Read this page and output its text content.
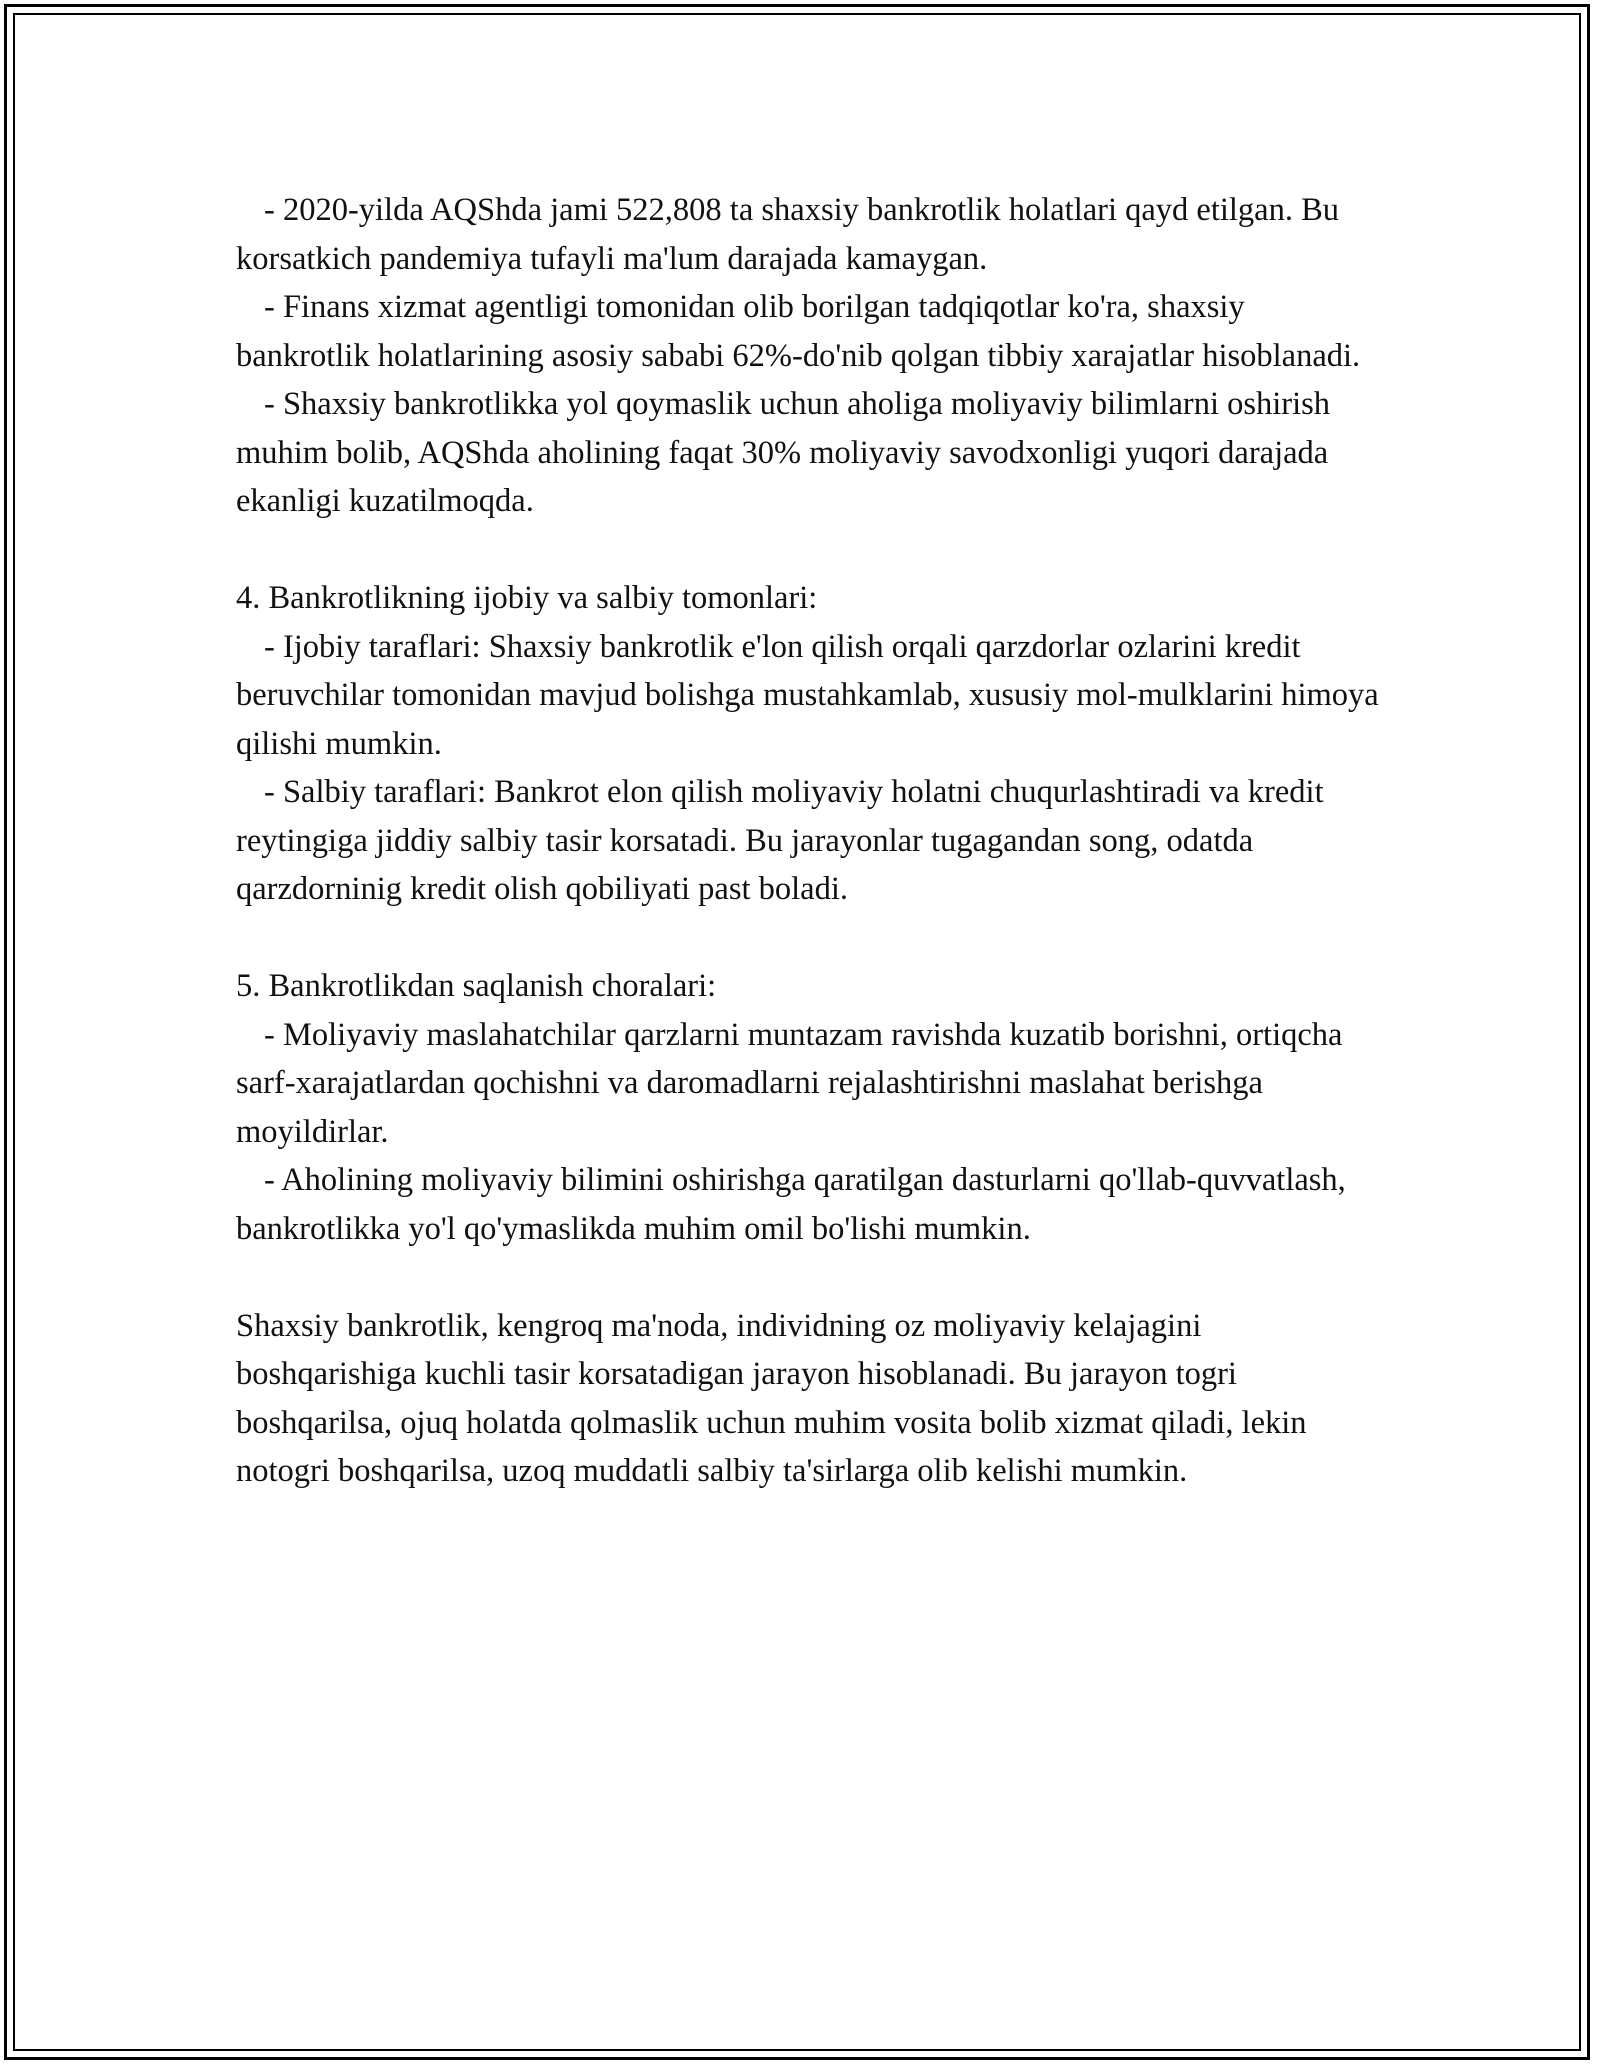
- 2020-yilda AQShda jami 522,808 ta shaxsiy bankrotlik holatlari qayd etilgan. Bu korsatkich pandemiya tufayli ma'lum darajada kamaygan.

- Finans xizmat agentligi tomonidan olib borilgan tadqiqotlar ko'ra, shaxsiy bankrotlik holatlarining asosiy sababi 62%-do'nib qolgan tibbiy xarajatlar hisoblanadi.

- Shaxsiy bankrotlikka yol qoymaslik uchun aholiga moliyaviy bilimlarni oshirish muhim bolib, AQShda aholining faqat 30% moliyaviy savodxonligi yuqori darajada ekanligi kuzatilmoqda.

4. Bankrotlikning ijobiy va salbiy tomonlari:

- Ijobiy taraflari: Shaxsiy bankrotlik e'lon qilish orqali qarzdorlar ozlarini kredit beruvchilar tomonidan mavjud bolishga mustahkamlab, xususiy mol-mulklarini himoya qilishi mumkin.

- Salbiy taraflari: Bankrot elon qilish moliyaviy holatni chuqurlashtiradi va kredit reytingiga jiddiy salbiy tasir korsatadi. Bu jarayonlar tugagandan song, odatda qarzdorninig kredit olish qobiliyati past boladi.

5. Bankrotlikdan saqlanish choralari:

- Moliyaviy maslahatchilar qarzlarni muntazam ravishda kuzatib borishni, ortiqcha sarf-xarajatlardan qochishni va daromadlarni rejalashtirishni maslahat berishga moyildirlar.

- Aholining moliyaviy bilimini oshirishga qaratilgan dasturlarni qo'llab-quvvatlash, bankrotlikka yo'l qo'ymaslikda muhim omil bo'lishi mumkin.

Shaxsiy bankrotlik, kengroq ma'noda, individning oz moliyaviy kelajagini boshqarishiga kuchli tasir korsatadigan jarayon hisoblanadi. Bu jarayon togri boshqarilsa, ojuq holatda qolmaslik uchun muhim vosita bolib xizmat qiladi, lekin notogri boshqarilsa, uzoq muddatli salbiy ta'sirlarga olib kelishi mumkin.
